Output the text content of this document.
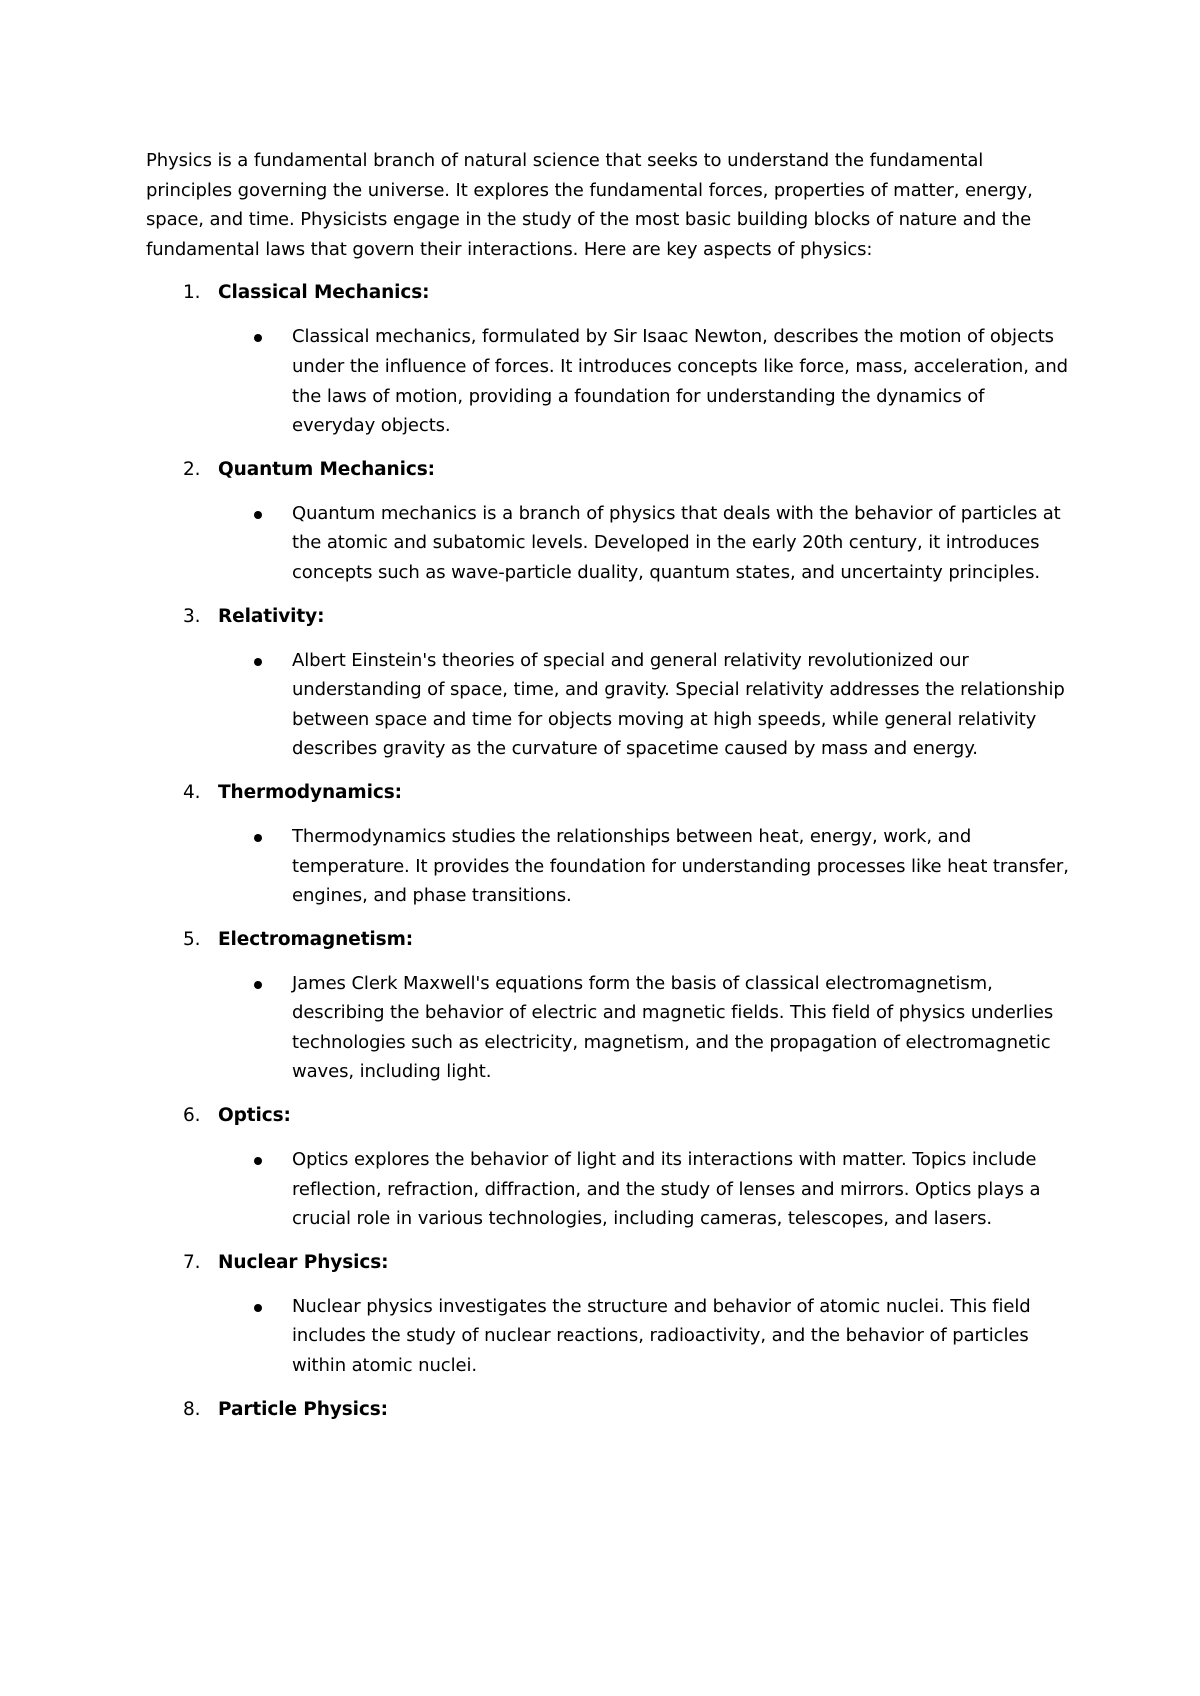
Physics is a fundamental branch of natural science that seeks to understand the fundamental principles governing the universe. It explores the fundamental forces, properties of matter, energy, space, and time. Physicists engage in the study of the most basic building blocks of nature and the fundamental laws that govern their interactions. Here are key aspects of physics:

1. Classical Mechanics:
Classical mechanics, formulated by Sir Isaac Newton, describes the motion of objects under the influence of forces. It introduces concepts like force, mass, acceleration, and the laws of motion, providing a foundation for understanding the dynamics of everyday objects.
2. Quantum Mechanics:
Quantum mechanics is a branch of physics that deals with the behavior of particles at the atomic and subatomic levels. Developed in the early 20th century, it introduces concepts such as wave-particle duality, quantum states, and uncertainty principles.
3. Relativity:
Albert Einstein's theories of special and general relativity revolutionized our understanding of space, time, and gravity. Special relativity addresses the relationship between space and time for objects moving at high speeds, while general relativity describes gravity as the curvature of spacetime caused by mass and energy.
4. Thermodynamics:
Thermodynamics studies the relationships between heat, energy, work, and temperature. It provides the foundation for understanding processes like heat transfer, engines, and phase transitions.
5. Electromagnetism:
James Clerk Maxwell's equations form the basis of classical electromagnetism, describing the behavior of electric and magnetic fields. This field of physics underlies technologies such as electricity, magnetism, and the propagation of electromagnetic waves, including light.
6. Optics:
Optics explores the behavior of light and its interactions with matter. Topics include reflection, refraction, diffraction, and the study of lenses and mirrors. Optics plays a crucial role in various technologies, including cameras, telescopes, and lasers.
7. Nuclear Physics:
Nuclear physics investigates the structure and behavior of atomic nuclei. This field includes the study of nuclear reactions, radioactivity, and the behavior of particles within atomic nuclei.
8. Particle Physics:
